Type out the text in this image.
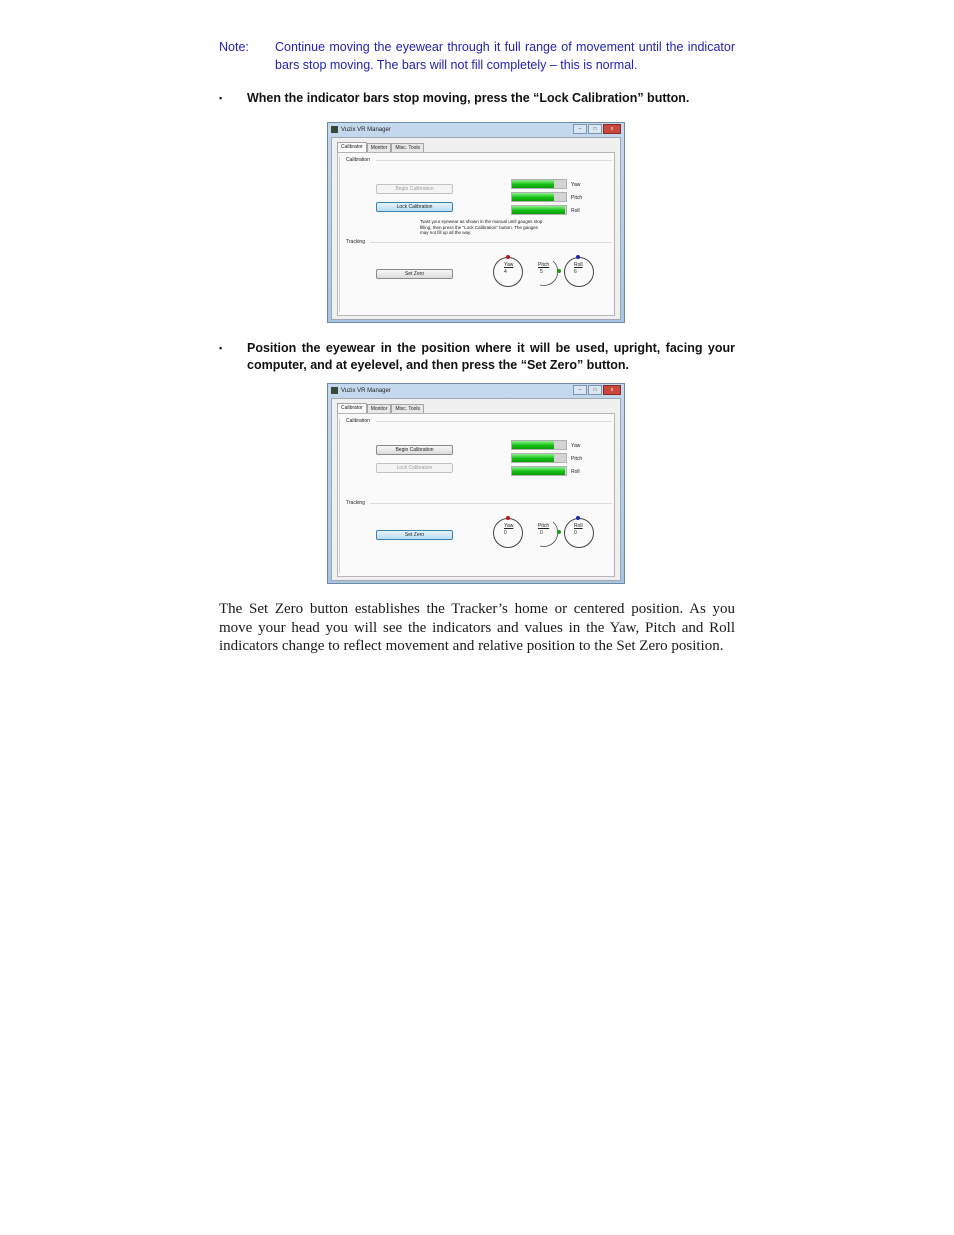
Note: Continue moving the eyewear through it full range of movement until the indicator bars stop moving. The bars will not fill completely – this is normal.
▪ When the indicator bars stop moving, press the “Lock Calibration” button.
Vuzix VR Manager	–	□	x
Calibrator	Monitor	Misc. Tools
Calibration
Begin Calibration
Lock Calibration
Twist your eyewear as shown in the manual until gauges stop filling, then press the "Lock Calibration" button. The gauges may not fill up all the way.
Yaw
Pitch
Roll
Tracking
Set Zero
Yaw
4
Pitch
5
Roll
6
▪ Position the eyewear in the position where it will be used, upright, facing your computer, and at eyelevel, and then press the “Set Zero” button.
Vuzix VR Manager	–	□	x
Calibrator	Monitor	Misc. Tools
Calibration
Begin Calibration
Lock Calibration
Yaw
Pitch
Roll
Tracking
Set Zero
Yaw
0
Pitch
0
Roll
0
The Set Zero button establishes the Tracker’s home or centered position. As you move your head you will see the indicators and values in the Yaw, Pitch and Roll indicators change to reflect movement and relative position to the Set Zero position.
